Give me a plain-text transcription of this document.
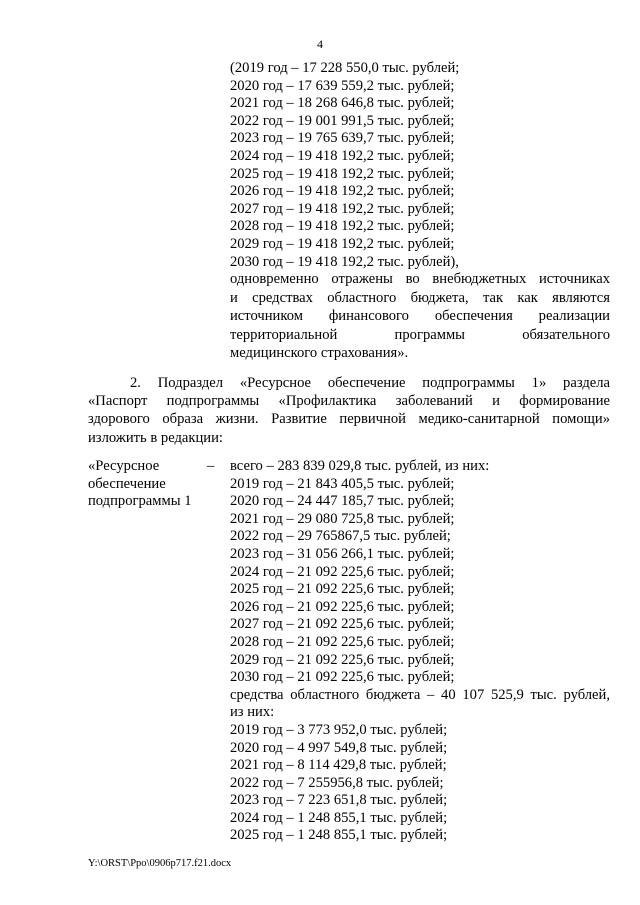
4
(2019 год – 17 228 550,0 тыс. рублей;
2020 год – 17 639 559,2 тыс. рублей;
2021 год – 18 268 646,8 тыс. рублей;
2022 год – 19 001 991,5 тыс. рублей;
2023 год – 19 765 639,7 тыс. рублей;
2024 год – 19 418 192,2 тыс. рублей;
2025 год – 19 418 192,2 тыс. рублей;
2026 год – 19 418 192,2 тыс. рублей;
2027 год – 19 418 192,2 тыс. рублей;
2028 год – 19 418 192,2 тыс. рублей;
2029 год – 19 418 192,2 тыс. рублей;
2030 год – 19 418 192,2 тыс. рублей),
одновременно отражены во внебюджетных источниках
и средствах областного бюджета, так как являются
источником финансового обеспечения реализации
территориальной программы обязательного
медицинского страхования».
2. Подраздел «Ресурсное обеспечение подпрограммы 1» раздела
«Паспорт подпрограммы «Профилактика заболеваний и формирование
здорового образа жизни. Развитие первичной медико-санитарной помощи»
изложить в редакции:
«Ресурсное
обеспечение
подпрограммы 1
– всего – 283 839 029,8 тыс. рублей, из них:
2019 год – 21 843 405,5 тыс. рублей;
2020 год – 24 447 185,7 тыс. рублей;
2021 год – 29 080 725,8 тыс. рублей;
2022 год – 29 765867,5 тыс. рублей;
2023 год – 31 056 266,1 тыс. рублей;
2024 год – 21 092 225,6 тыс. рублей;
2025 год – 21 092 225,6 тыс. рублей;
2026 год – 21 092 225,6 тыс. рублей;
2027 год – 21 092 225,6 тыс. рублей;
2028 год – 21 092 225,6 тыс. рублей;
2029 год – 21 092 225,6 тыс. рублей;
2030 год – 21 092 225,6 тыс. рублей;
средства областного бюджета – 40 107 525,9 тыс. рублей,
из них:
2019 год – 3 773 952,0 тыс. рублей;
2020 год – 4 997 549,8 тыс. рублей;
2021 год – 8 114 429,8 тыс. рублей;
2022 год – 7 255956,8 тыс. рублей;
2023 год – 7 223 651,8 тыс. рублей;
2024 год – 1 248 855,1 тыс. рублей;
2025 год – 1 248 855,1 тыс. рублей;
Y:\ORST\Ppo\0906p717.f21.docx
